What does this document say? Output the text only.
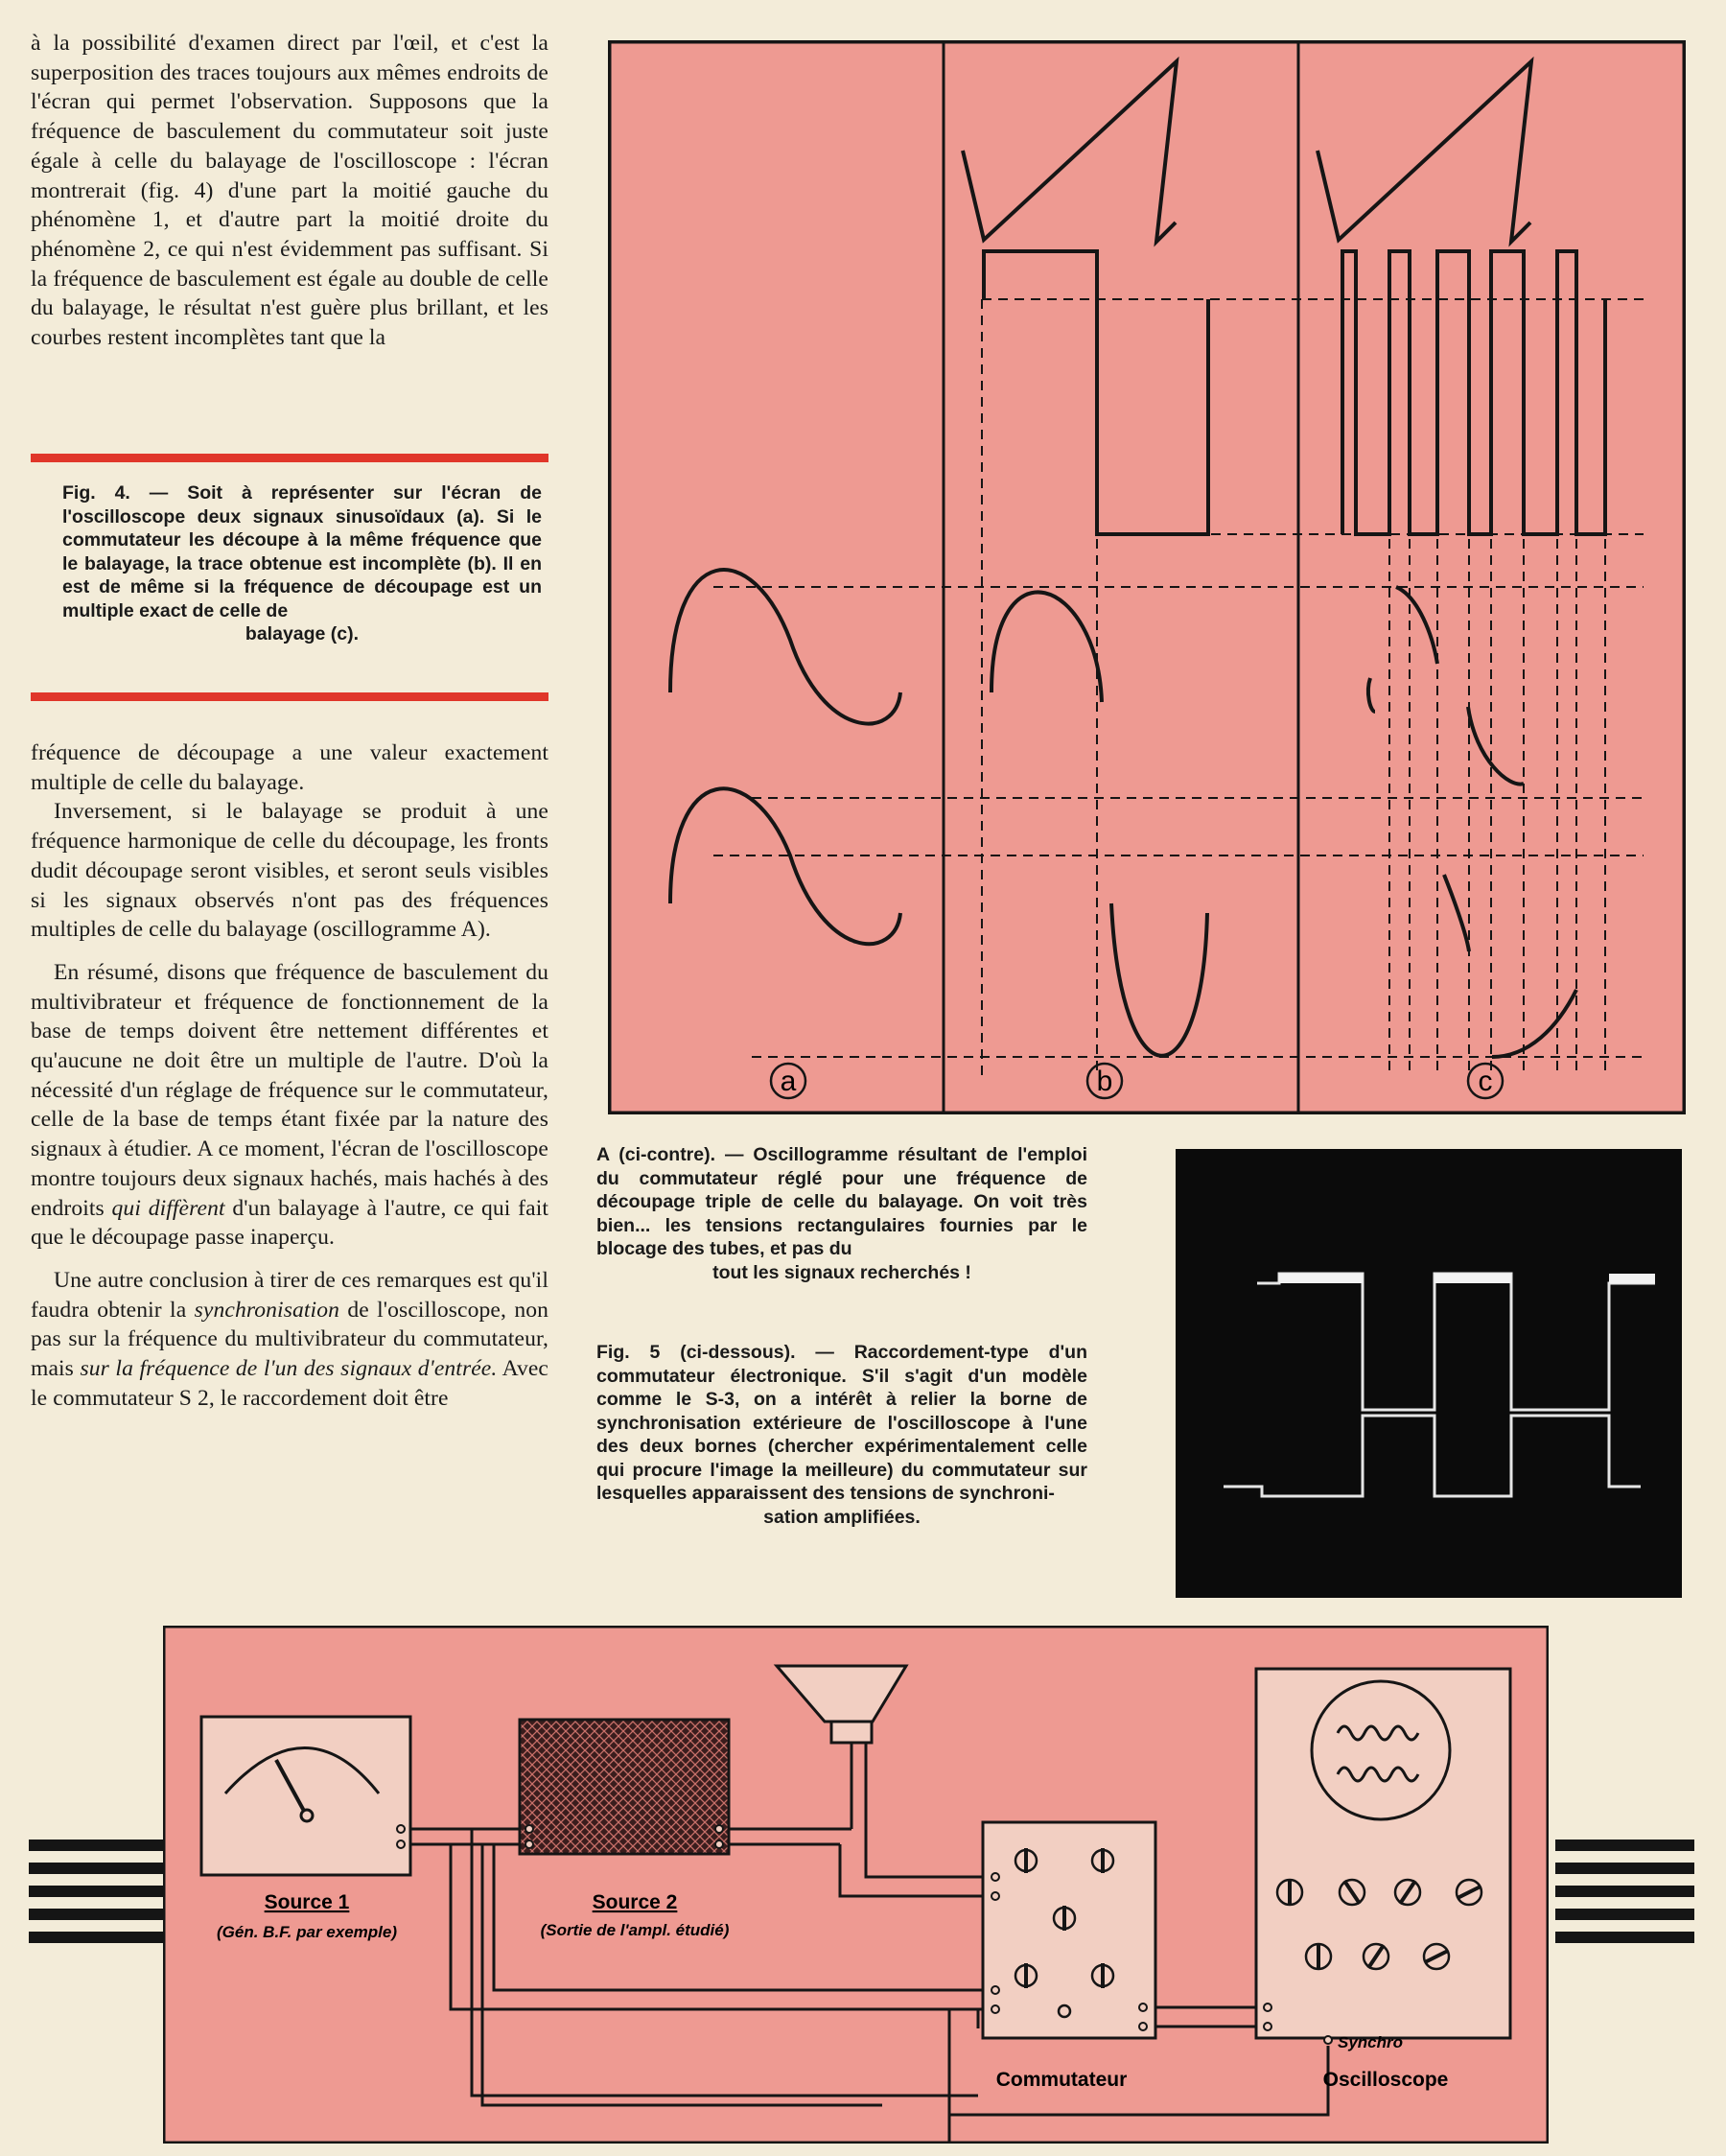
à la possibilité d'examen direct par l'œil, et c'est la superposition des traces toujours aux mêmes endroits de l'écran qui permet l'observation. Supposons que la fréquence de basculement du commutateur soit juste égale à celle du balayage de l'oscilloscope : l'écran montrerait (fig. 4) d'une part la moitié gauche du phénomène 1, et d'autre part la moitié droite du phénomène 2, ce qui n'est évidemment pas suffisant. Si la fréquence de basculement est égale au double de celle du balayage, le résultat n'est guère plus brillant, et les courbes restent incomplètes tant que la

Fig. 4. — Soit à représenter sur l'écran de l'oscilloscope deux signaux sinusoïdaux (a). Si le commutateur les découpe à la même fréquence que le balayage, la trace obtenue est incomplète (b). Il en est de même si la fréquence de découpage est un multiple exact de celle de
balayage (c).

fréquence de découpage a une valeur exactement multiple de celle du balayage.

Inversement, si le balayage se produit à une fréquence harmonique de celle du découpage, les fronts dudit découpage seront visibles, et seront seuls visibles si les signaux observés n'ont pas des fréquences multiples de celle du balayage (oscillogramme A).

En résumé, disons que fréquence de basculement du multivibrateur et fréquence de fonctionnement de la base de temps doivent être nettement différentes et qu'aucune ne doit être un multiple de l'autre. D'où la nécessité d'un réglage de fréquence sur le commutateur, celle de la base de temps étant fixée par la nature des signaux à étudier. A ce moment, l'écran de l'oscilloscope montre toujours deux signaux hachés, mais hachés à des endroits qui diffèrent d'un balayage à l'autre, ce qui fait que le découpage passe inaperçu.

Une autre conclusion à tirer de ces remarques est qu'il faudra obtenir la synchronisation de l'oscilloscope, non pas sur la fréquence du multivibrateur du commutateur, mais sur la fréquence de l'un des signaux d'entrée. Avec le commutateur S 2, le raccordement doit être

a	b	c
A (ci-contre). — Oscillogramme résultant de l'emploi du commutateur réglé pour une fréquence de découpage triple de celle du balayage. On voit très bien... les tensions rectangulaires fournies par le blocage des tubes, et pas du
tout les signaux recherchés !
Fig. 5 (ci-dessous). — Raccordement-type d'un commutateur électronique. S'il s'agit d'un modèle comme le S-3, on a intérêt à relier la borne de synchronisation extérieure de l'oscilloscope à l'une des deux bornes (chercher expérimentalement celle qui procure l'image la meilleure) du commutateur sur lesquelles apparaissent des tensions de synchroni-
sation amplifiées.
Source 1
(Gén. B.F. par exemple)
Source 2
(Sortie de l'ampl. étudié)
Commutateur
Synchro
Oscilloscope
